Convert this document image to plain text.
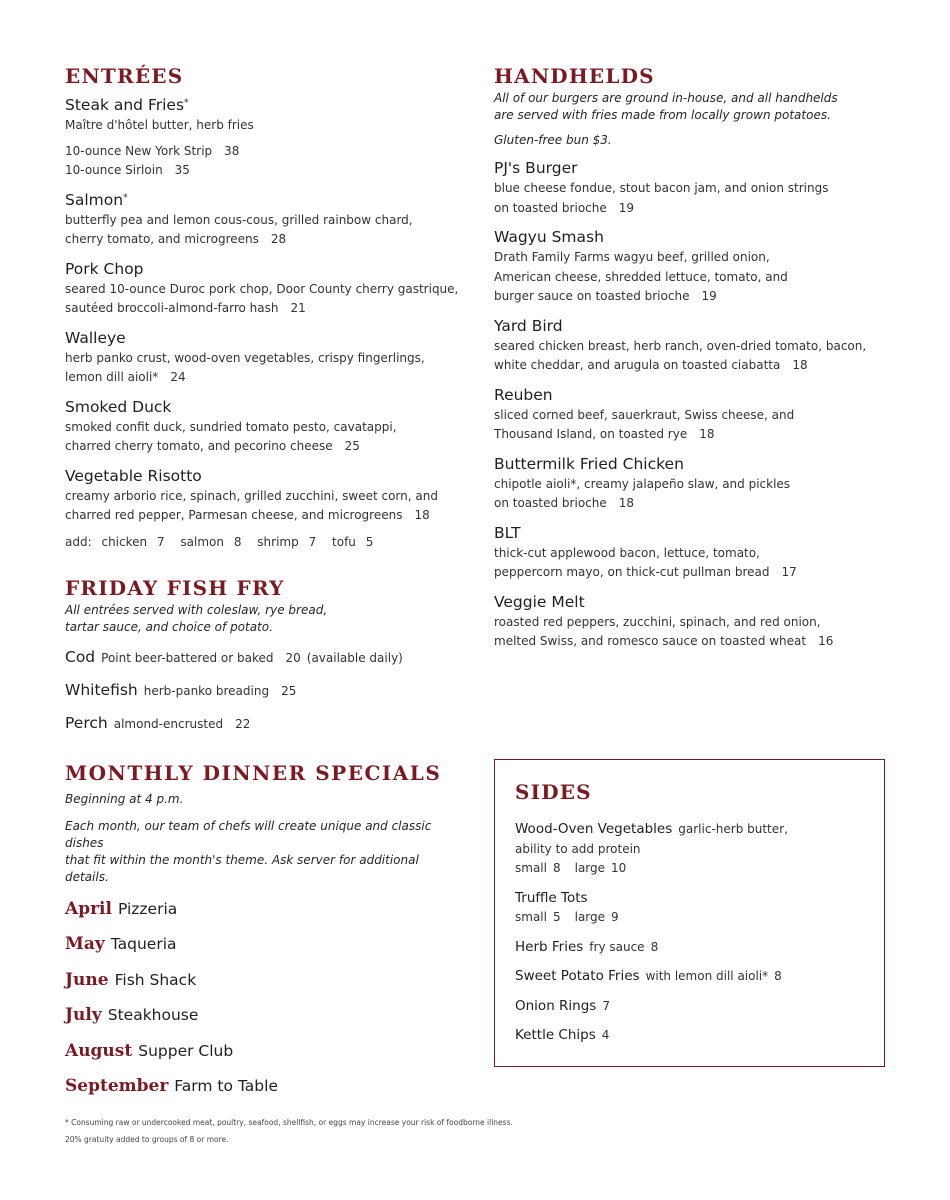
ENTRÉES
Steak and Fries*
Maître d'hôtel butter, herb fries
10-ounce New York Strip 38
10-ounce Sirloin 35
Salmon*
butterfly pea and lemon cous-cous, grilled rainbow chard,
cherry tomato, and microgreens 28
Pork Chop
seared 10-ounce Duroc pork chop, Door County cherry gastrique,
sautéed broccoli-almond-farro hash 21
Walleye
herb panko crust, wood-oven vegetables, crispy fingerlings,
lemon dill aioli* 24
Smoked Duck
smoked confit duck, sundried tomato pesto, cavatappi,
charred cherry tomato, and pecorino cheese 25
Vegetable Risotto
creamy arborio rice, spinach, grilled zucchini, sweet corn, and
charred red pepper, Parmesan cheese, and microgreens 18
add: chicken 7 salmon 8 shrimp 7 tofu 5
FRIDAY FISH FRY
All entrées served with coleslaw, rye bread,
tartar sauce, and choice of potato.
Cod Point beer-battered or baked 20 (available daily)
Whitefish herb-panko breading 25
Perch almond-encrusted 22
MONTHLY DINNER SPECIALS
Beginning at 4 p.m.
Each month, our team of chefs will create unique and classic dishes
that fit within the month's theme. Ask server for additional details.
April Pizzeria
May Taqueria
June Fish Shack
July Steakhouse
August Supper Club
September Farm to Table
HANDHELDS
All of our burgers are ground in-house, and all handhelds
are served with fries made from locally grown potatoes.
Gluten-free bun $3.
PJ's Burger
blue cheese fondue, stout bacon jam, and onion strings
on toasted brioche 19
Wagyu Smash
Drath Family Farms wagyu beef, grilled onion,
American cheese, shredded lettuce, tomato, and
burger sauce on toasted brioche 19
Yard Bird
seared chicken breast, herb ranch, oven-dried tomato, bacon,
white cheddar, and arugula on toasted ciabatta 18
Reuben
sliced corned beef, sauerkraut, Swiss cheese, and
Thousand Island, on toasted rye 18
Buttermilk Fried Chicken
chipotle aioli*, creamy jalapeño slaw, and pickles
on toasted brioche 18
BLT
thick-cut applewood bacon, lettuce, tomato,
peppercorn mayo, on thick-cut pullman bread 17
Veggie Melt
roasted red peppers, zucchini, spinach, and red onion,
melted Swiss, and romesco sauce on toasted wheat 16
SIDES
Wood-Oven Vegetables garlic-herb butter,
ability to add protein
small 8 large 10
Truffle Tots
small 5 large 9
Herb Fries fry sauce 8
Sweet Potato Fries with lemon dill aioli* 8
Onion Rings 7
Kettle Chips 4
* Consuming raw or undercooked meat, poultry, seafood, shellfish, or eggs may increase your risk of foodborne illness.
20% gratuity added to groups of 8 or more.
